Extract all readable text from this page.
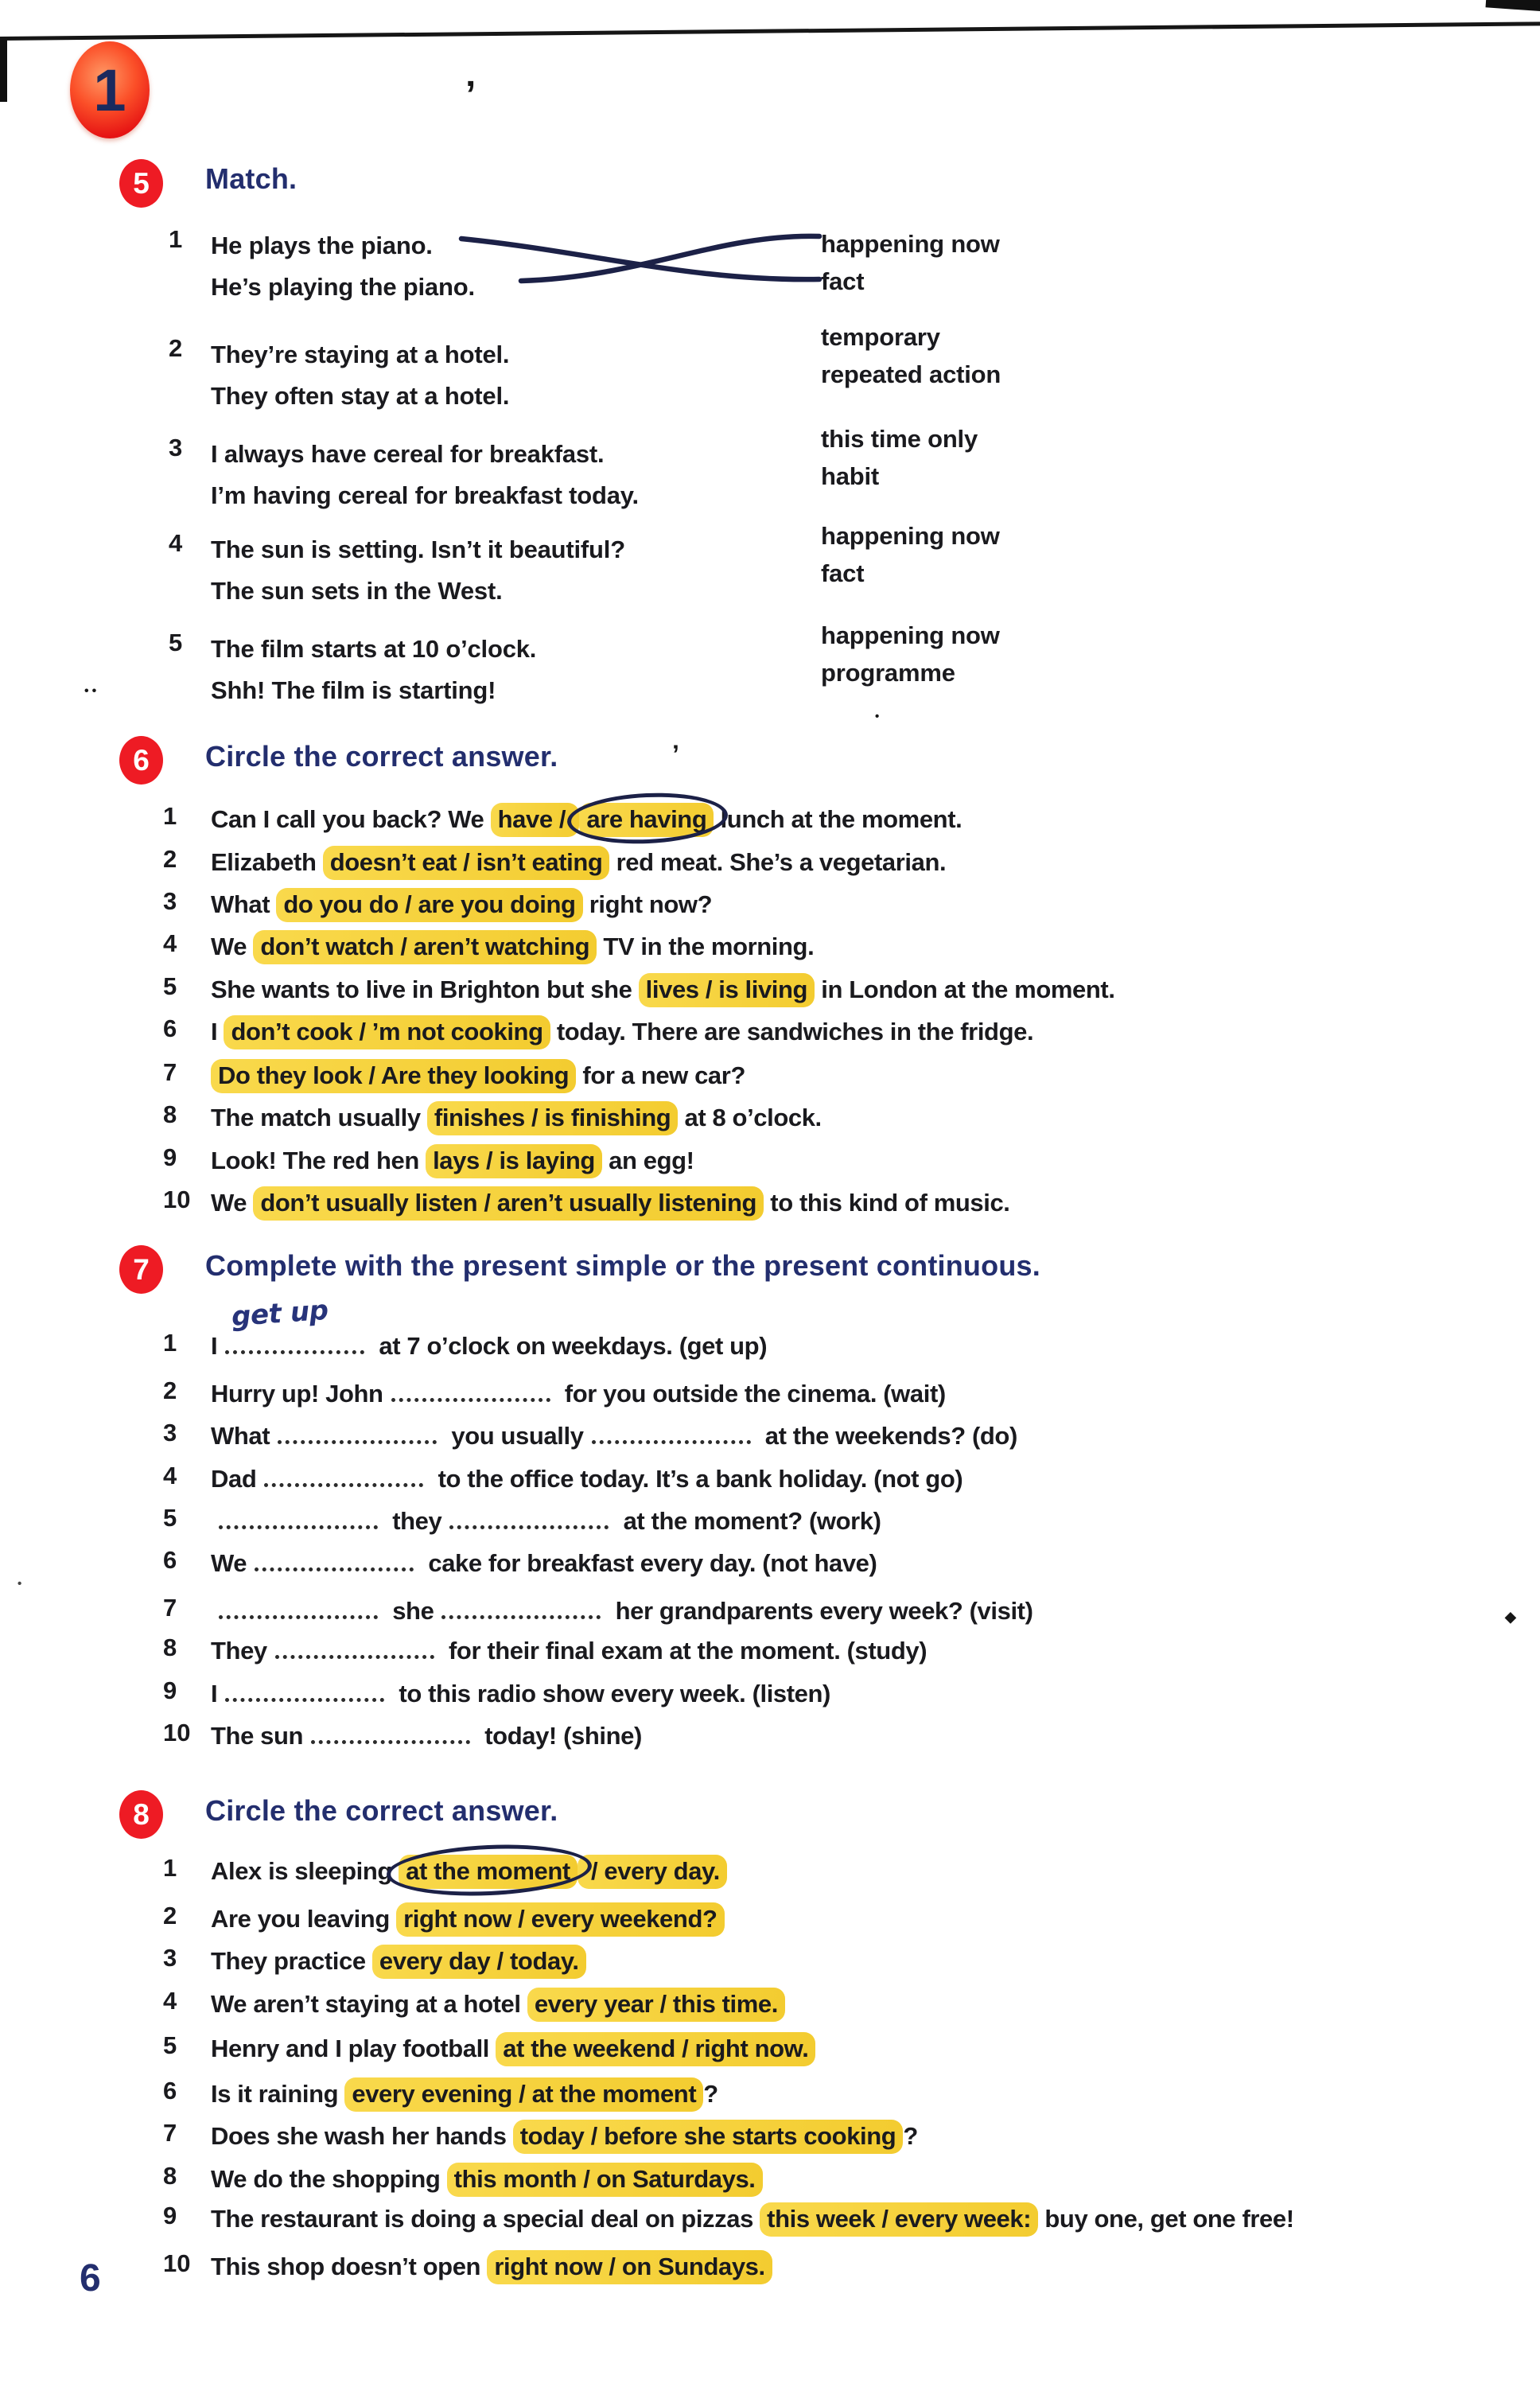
1	’
••
’
•
◆
•
5 Match.
1 He plays the piano.
He’s playing the piano.
happening now
fact
2 They’re staying at a hotel.
They often stay at a hotel.
temporary
repeated action
3 I always have cereal for breakfast.
I’m having cereal for breakfast today.
this time only
habit
4 The sun is setting. Isn’t it beautiful?
The sun sets in the West.
happening now
fact
5 The film starts at 10 o’clock.
Shh! The film is starting!
happening now
programme
6 Circle the correct answer.
1	Can I call you back? We have / are having
lunch at the moment.
2	Elizabeth doesn’t eat / isn’t eating red meat. She’s a vegetarian.
3	What do you do / are you doing right now?
4	We don’t watch / aren’t watching TV in the morning.
5	She wants to live in Brighton but she lives / is living in London at the moment.
6	I don’t cook / ’m not cooking today. There are sandwiches in the fridge.
7	Do they look / Are they looking for a new car?
8	The match usually finishes / is finishing at 8 o’clock.
9	Look! The red hen lays / is laying an egg!
10 We don’t usually listen / aren’t usually listening to this kind of music.
7 Complete with the present simple or the present continuous.
1	I
get up
at 7 o’clock on weekdays. (get up)
2	Hurry up! John	for you outside the cinema. (wait)
3	What	you usually	at the weekends? (do)
4	Dad	to the office today. It’s a bank holiday. (not go)
5	they	at the moment? (work)
6	We	cake for breakfast every day. (not have)
7	she	her grandparents every week? (visit)
8	They	for their final exam at the moment. (study)
9	I	to this radio show every week. (listen)
10 The sun	today! (shine)
8 Circle the correct answer.
1	Alex is sleeping at the moment
/ every day.
2	Are you leaving right now / every weekend?
3	They practice every day / today.
4	We aren’t staying at a hotel every year / this time.
5	Henry and I play football at the weekend / right now.
6	Is it raining every evening / at the moment ?
7	Does she wash her hands today / before she starts cooking ?
8	We do the shopping this month / on Saturdays.
9	The restaurant is doing a special deal on pizzas this week / every week: buy one, get one free!
10 This shop doesn’t open right now / on Sundays.
6
